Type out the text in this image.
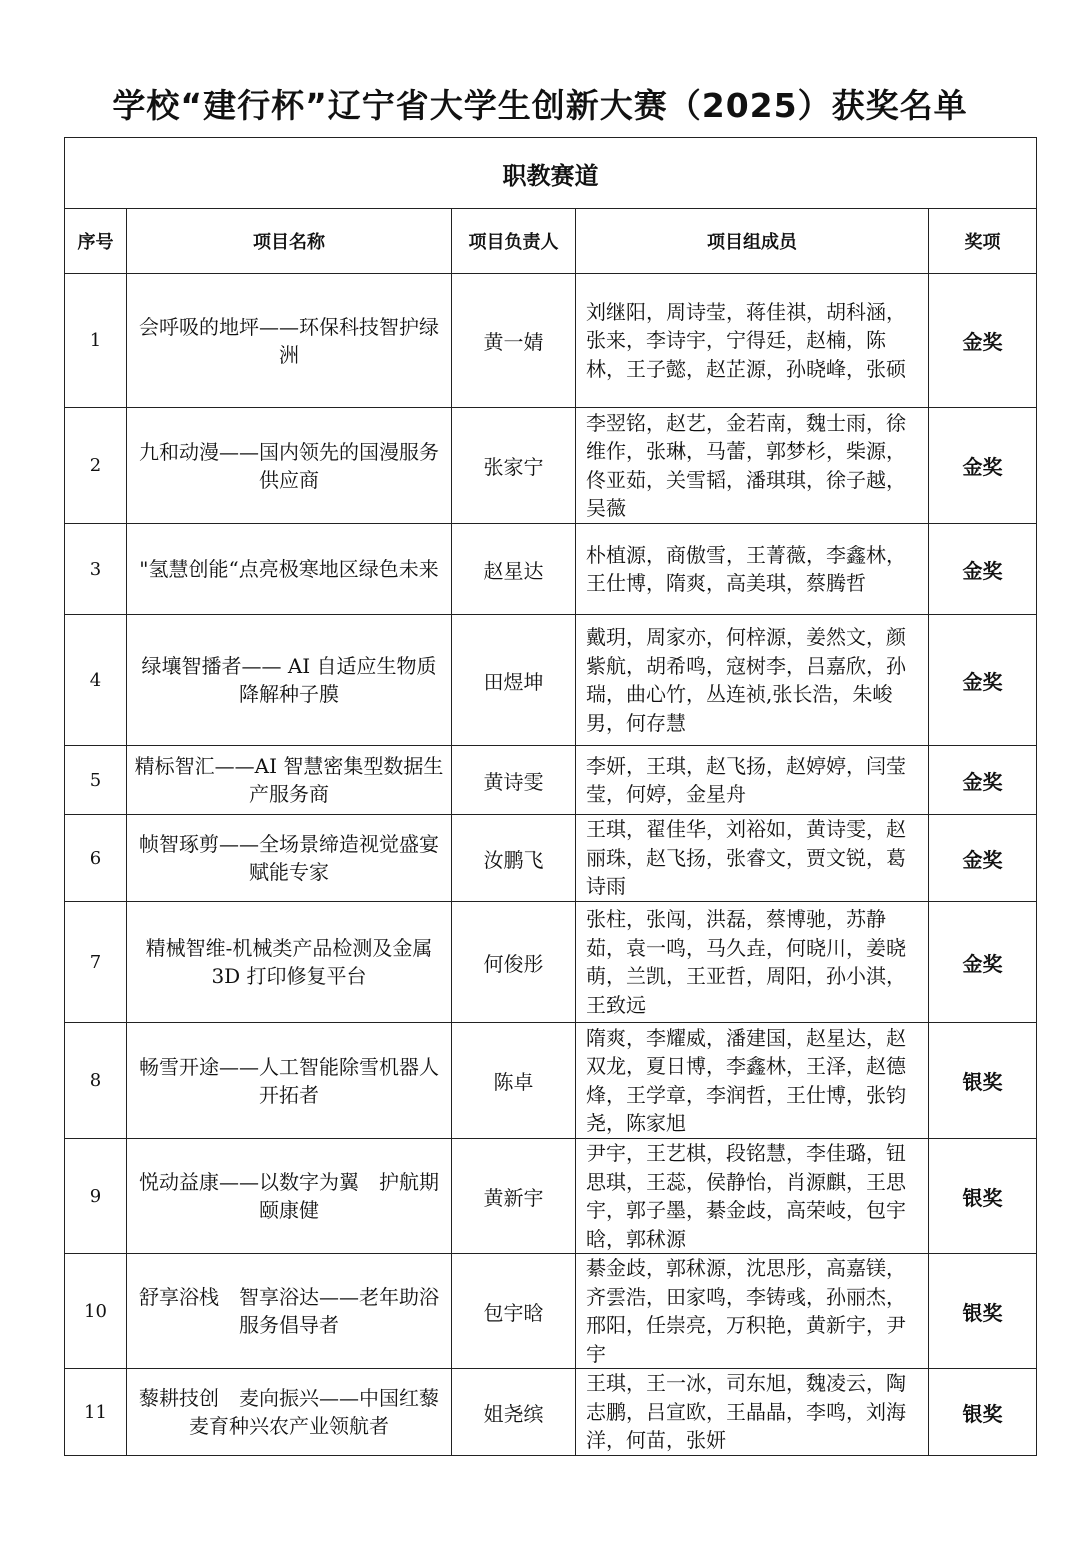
学校“建行杯”辽宁省大学生创新大赛（2025）获奖名单
职教赛道				
序号	项目名称	项目负责人	项目组成员	奖项
1	会呼吸的地坪——环保科技智护绿洲	黄一婧	刘继阳，周诗莹，蒋佳祺，胡科涵，张来，李诗宇，宁得廷，赵楠，陈林，王子懿，赵芷源，孙晓峰，张硕	金奖
2	九和动漫——国内领先的国漫服务供应商	张家宁	李翌铭，赵艺，金若南，魏士雨，徐维作，张琳，马蕾，郭梦杉，柴源，佟亚茹，关雪韬，潘琪琪，徐子越，吴薇	金奖
3	"氢慧创能“点亮极寒地区绿色未来	赵星达	朴植源，商傲雪，王菁薇，李鑫林，王仕博，隋爽，高美琪，蔡腾哲	金奖
4	绿壤智播者—— AI 自适应生物质降解种子膜	田煜坤	戴玥，周家亦，何梓源，姜然文，颜紫航，胡希鸣，寇树李，吕嘉欣，孙瑞，曲心竹，丛连祯,张长浩，朱峻男，何存慧	金奖
5	精标智汇——AI 智慧密集型数据生产服务商	黄诗雯	李妍，王琪，赵飞扬，赵婷婷，闫莹莹，何婷，金星舟	金奖
6	帧智琢剪——全场景缔造视觉盛宴赋能专家	汝鹏飞	王琪，翟佳华，刘裕如，黄诗雯，赵丽珠，赵飞扬，张睿文，贾文锐，葛诗雨	金奖
7	精械智维-机械类产品检测及金属 3D 打印修复平台	何俊彤	张柱，张闯，洪磊，蔡博驰，苏静茹，袁一鸣，马久垚，何晓川，姜晓萌，兰凯，王亚哲，周阳，孙小淇，王致远	金奖
8	畅雪开途——人工智能除雪机器人开拓者	陈卓	隋爽，李耀威，潘建国，赵星达，赵双龙，夏日博，李鑫林，王泽，赵德烽，王学章，李润哲，王仕博，张钧尧，陈家旭	银奖
9	悦动益康——以数字为翼　护航期颐康健	黄新宇	尹宇，王艺棋，段铭慧，李佳璐，钮思琪，王蕊，侯静怡，肖源麒，王思宇，郭子墨，綦金歧，高荣岐，包宇晗，郭秫源	银奖
10	舒享浴栈　智享浴达——老年助浴服务倡导者	包宇晗	綦金歧，郭秫源，沈思彤，高嘉镁，齐雲浩，田家鸣，李铸彧，孙丽杰，邢阳，任崇亮，万积艳，黄新宇，尹宇	银奖
11	藜耕技创　麦向振兴——中国红藜麦育种兴农产业领航者	姐尧缤	王琪，王一冰，司东旭，魏凌云，陶志鹏，吕宣欧，王晶晶，李鸣，刘海洋，何苗，张妍	银奖
